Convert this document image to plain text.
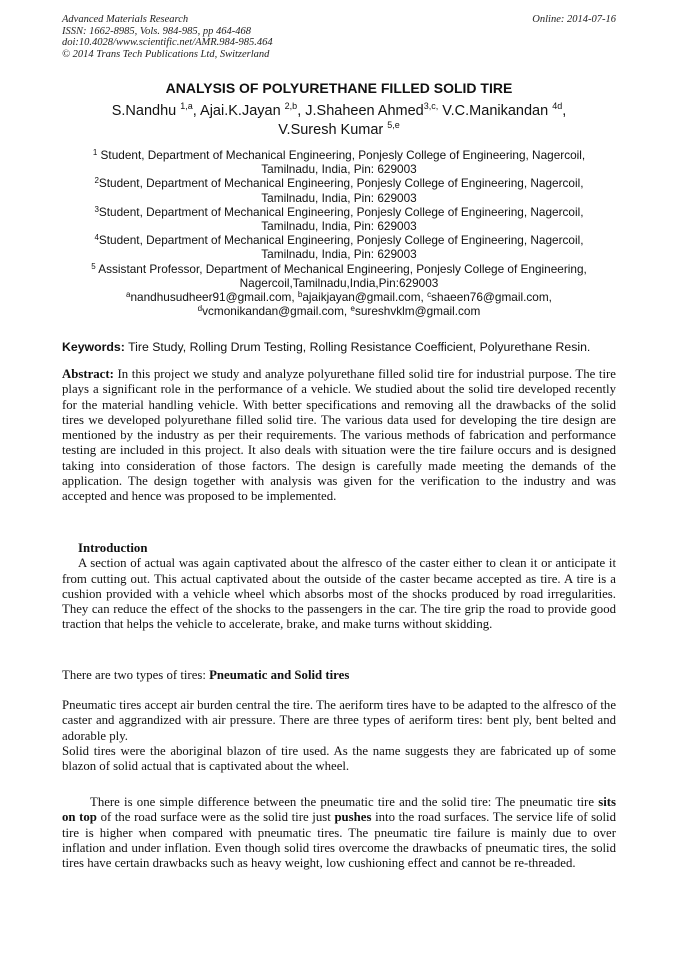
Advanced Materials Research
ISSN: 1662-8985, Vols. 984-985, pp 464-468
doi:10.4028/www.scientific.net/AMR.984-985.464
© 2014 Trans Tech Publications Ltd, Switzerland
Online: 2014-07-16
ANALYSIS OF POLYURETHANE FILLED SOLID TIRE
S.Nandhu $^{1,a}$, Ajai.K.Jayan $^{2,b}$, J.Shaheen Ahmed$^{3,c,}$ V.C.Manikandan $^{4d}$,
V.Suresh Kumar $^{5,e}$
$^1$ Student, Department of Mechanical Engineering, Ponjesly College of Engineering, Nagercoil,
Tamilnadu, India, Pin: 629003
$^2$Student, Department of Mechanical Engineering, Ponjesly College of Engineering, Nagercoil,
Tamilnadu, India, Pin: 629003
$^3$Student, Department of Mechanical Engineering, Ponjesly College of Engineering, Nagercoil,
Tamilnadu, India, Pin: 629003
$^4$Student, Department of Mechanical Engineering, Ponjesly College of Engineering, Nagercoil,
Tamilnadu, India, Pin: 629003
$^5$ Assistant Professor, Department of Mechanical Engineering, Ponjesly College of Engineering,
Nagercoil,Tamilnadu,India,Pin:629003
$^a$nandhusudheer91@gmail.com, $^b$ajaikjayan@gmail.com, $^c$shaeen76@gmail.com,
$^d$vcmonikandan@gmail.com, $^e$sureshvklm@gmail.com
Keywords: Tire Study, Rolling Drum Testing, Rolling Resistance Coefficient, Polyurethane Resin.
Abstract: In this project we study and analyze polyurethane filled solid tire for industrial purpose. The tire plays a significant role in the performance of a vehicle. We studied about the solid tire developed recently for the material handling vehicle. With better specifications and removing all the drawbacks of the solid tires we developed polyurethane filled solid tire. The various data used for developing the tire design are mentioned by the industry as per their requirements. The various methods of fabrication and performance testing are included in this project. It also deals with situation were the tire failure occurs and is designed taking into consideration of those factors. The design is carefully made meeting the demands of the application. The design together with analysis was given for the verification to the industry and was accepted and hence was proposed to be implemented.

Introduction

A section of actual was again captivated about the alfresco of the caster either to clean it or anticipate it from cutting out. This actual captivated about the outside of the caster became accepted as tire. A tire is a cushion provided with a vehicle wheel which absorbs most of the shocks produced by road irregularities. They can reduce the effect of the shocks to the passengers in the car. The tire grip the road to provide good traction that helps the vehicle to accelerate, brake, and make turns without skidding.

There are two types of tires: Pneumatic and Solid tires

Pneumatic tires accept air burden central the tire. The aeriform tires have to be adapted to the alfresco of the caster and aggrandized with air pressure. There are three types of aeriform tires: bent ply, bent belted and adorable ply.

Solid tires were the aboriginal blazon of tire used. As the name suggests they are fabricated up of some blazon of solid actual that is captivated about the wheel.

There is one simple difference between the pneumatic tire and the solid tire: The pneumatic tire sits on top of the road surface were as the solid tire just pushes into the road surfaces. The service life of solid tire is higher when compared with pneumatic tires. The pneumatic tire failure is mainly due to over inflation and under inflation. Even though solid tires overcome the drawbacks of pneumatic tires, the solid tires have certain drawbacks such as heavy weight, low cushioning effect and cannot be re-threaded.
